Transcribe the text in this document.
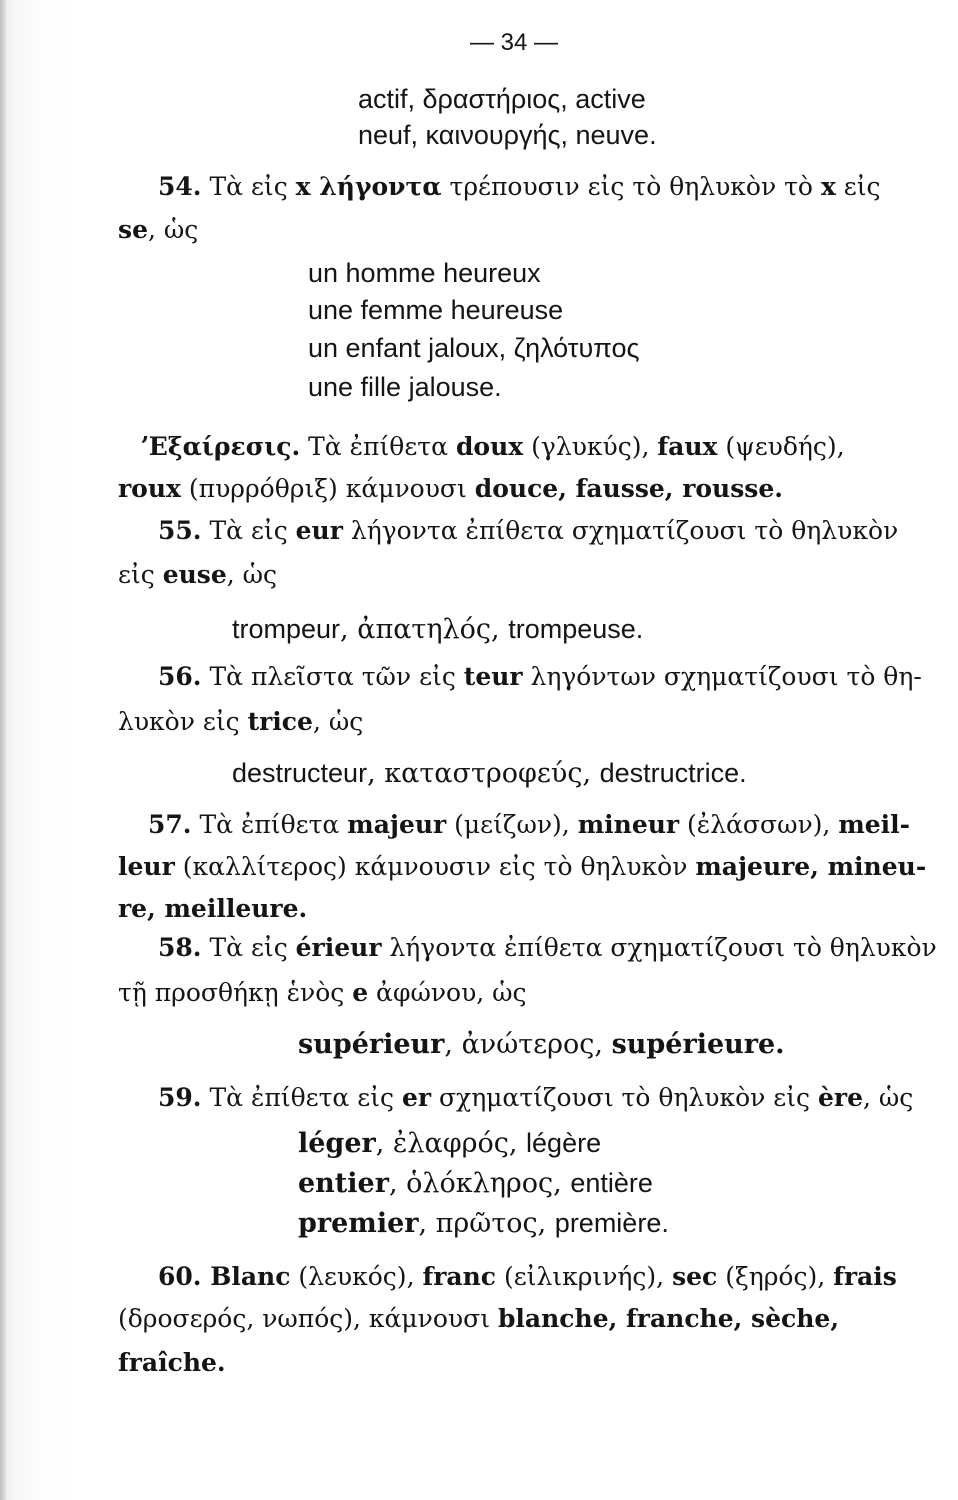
— 34 —
actif, δραστήριος, active
neuf, καινουργής, neuve.
54. Τὰ εἰς x λήγοντα τρέπουσιν εἰς τὸ θηλυκὸν τὸ x εἰς
se, ὡς
un homme heureux
une femme heureuse
un enfant jaloux, ζηλότυπος
une fille jalouse.
ʼΕξαίρεσις. Τὰ ἐπίθετα doux (γλυκύς), faux (ψευδής),
roux (πυρρόθριξ) κάμνουσι douce, fausse, rousse.
55. Τὰ εἰς eur λήγοντα ἐπίθετα σχηματίζουσι τὸ θηλυκὸν
εἰς euse, ὡς
trompeur, ἀπατηλός, trompeuse.
56. Τὰ πλεῖστα τῶν εἰς teur ληγόντων σχηματίζουσι τὸ θη-
λυκὸν εἰς trice, ὡς
destructeur, καταστροφεύς, destructrice.
57. Τὰ ἐπίθετα majeur (μείζων), mineur (ἐλάσσων), meil-
leur (καλλίτερος) κάμνουσιν εἰς τὸ θηλυκὸν majeure, mineu-
re, meilleure.
58. Τὰ εἰς érieur λήγοντα ἐπίθετα σχηματίζουσι τὸ θηλυκὸν
τῇ προσθήκῃ ἑνὸς e ἀφώνου, ὡς
supérieur, ἀνώτερος, supérieure.
59. Τὰ ἐπίθετα εἰς er σχηματίζουσι τὸ θηλυκὸν εἰς ère, ὡς
léger, ἐλαφρός, légère
entier, ὁλόκληρος, entière
premier, πρῶτος, première.
60. Blanc (λευκός), franc (εἰλικρινής), sec (ξηρός), frais
(δροσερός, νωπός), κάμνουσι blanche, franche, sèche,
fraîche.
